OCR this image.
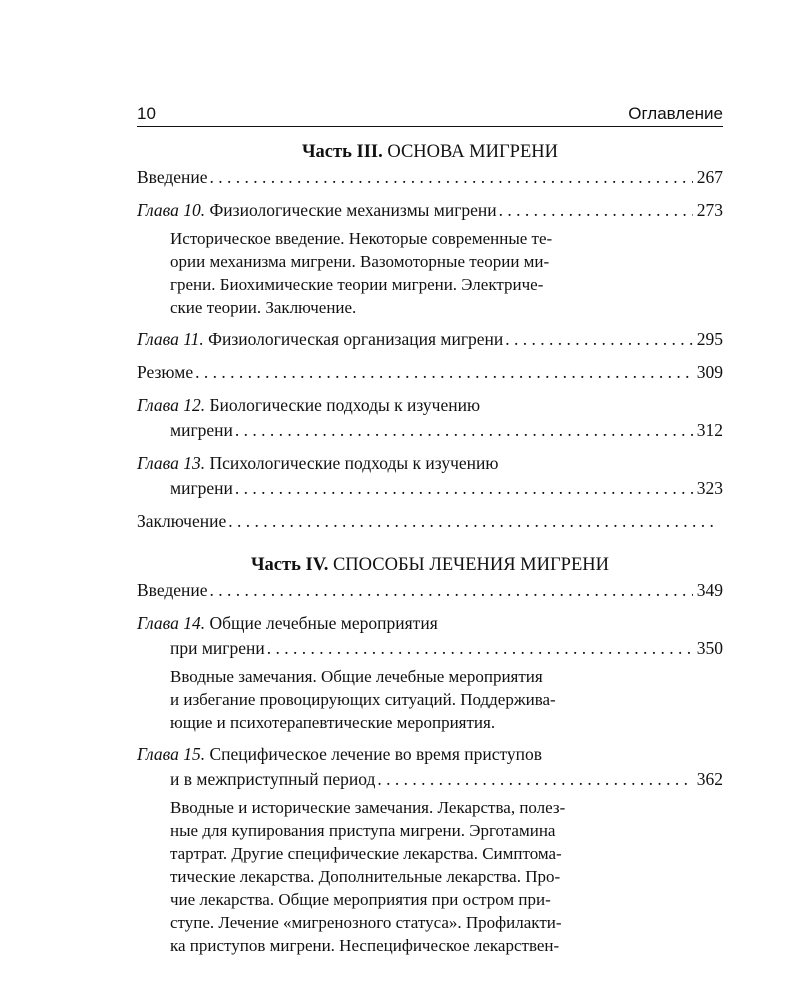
10	Оглавление

Часть III. ОСНОВА МИГРЕНИ

Введение . . .	267
Глава 10.
Физиологические механизмы мигрени . . .	273
Историческое введение. Некоторые современные те-
ории механизма мигрени. Вазомоторные теории ми-
грени. Биохимические теории мигрени. Электриче-
ские теории. Заключение.
Глава 11.
Физиологическая организация мигрени . . .	295
Резюме . . .	309
Глава 12.
Биологические подходы к изучению
мигрени . . .	312
Глава 13.
Психологические подходы к изучению
мигрени . . .	323
Заключение
. . .

Часть IV. СПОСОБЫ ЛЕЧЕНИЯ МИГРЕНИ

Введение . . .	349
Глава 14.
Общие лечебные мероприятия
при мигрени . . .	350
Вводные замечания. Общие лечебные мероприятия
и избегание провоцирующих ситуаций. Поддержива-
ющие и психотерапевтические мероприятия.
Глава 15.
Специфическое лечение во время приступов
и в межприступный период . . .	362
Вводные и исторические замечания. Лекарства, полез-
ные для купирования приступа мигрени. Эрготамина
тартрат. Другие специфические лекарства. Симптома-
тические лекарства. Дополнительные лекарства. Про-
чие лекарства. Общие мероприятия при остром при-
ступе. Лечение «мигренозного статуса». Профилакти-
ка приступов мигрени. Неспецифическое лекарствен-
